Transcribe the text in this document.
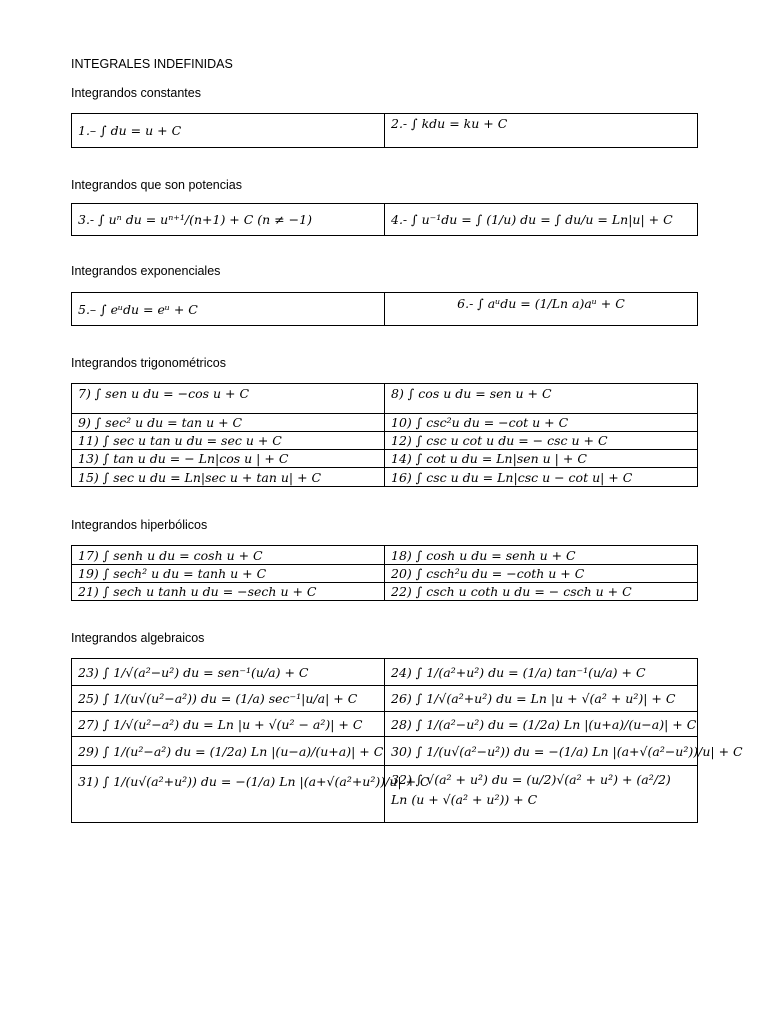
INTEGRALES INDEFINIDAS
Integrandos constantes
1.– ∫ du = u + C	2.- ∫ kdu = ku + C
Integrandos que son potencias
3.- ∫ uⁿ du = uⁿ⁺¹/(n+1) + C (n ≠ −1)	4.- ∫ u⁻¹du = ∫ (1/u) du = ∫ du/u = Ln|u| + C
Integrandos exponenciales
5.– ∫ eᵘdu = eᵘ + C	6.- ∫ aᵘdu = (1/Ln a)aᵘ + C
Integrandos trigonométricos
7) ∫ sen u du = −cos u + C	8) ∫ cos u du = sen u + C
9) ∫ sec² u du = tan u + C	10) ∫ csc²u du = −cot u + C
11) ∫ sec u tan u du = sec u + C	12) ∫ csc u cot u du = − csc u + C
13) ∫ tan u du = − Ln|cos u | + C	14) ∫ cot u du = Ln|sen u | + C
15) ∫ sec u du = Ln|sec u + tan u| + C	16) ∫ csc u du = Ln|csc u − cot u| + C
Integrandos hiperbólicos
17) ∫ senh u du = cosh u + C	18) ∫ cosh u du = senh u + C
19) ∫ sech² u du = tanh u + C	20) ∫ csch²u du = −coth u + C
21) ∫ sech u tanh u du = −sech u + C	22) ∫ csch u coth u du = − csch u + C
Integrandos algebraicos
23) ∫ 1/√(a²−u²) du = sen⁻¹(u/a) + C	24) ∫ 1/(a²+u²) du = (1/a) tan⁻¹(u/a) + C
25) ∫ 1/(u√(u²−a²)) du = (1/a) sec⁻¹|u/a| + C	26) ∫ 1/√(a²+u²) du = Ln |u + √(a² + u²)| + C
27) ∫ 1/√(u²−a²) du = Ln |u + √(u² − a²)| + C	28) ∫ 1/(a²−u²) du = (1/2a) Ln |(u+a)/(u−a)| + C
29) ∫ 1/(u²−a²) du = (1/2a) Ln |(u−a)/(u+a)| + C	30) ∫ 1/(u√(a²−u²)) du = −(1/a) Ln |(a+√(a²−u²))/u| + C
31) ∫ 1/(u√(a²+u²)) du = −(1/a) Ln |(a+√(a²+u²))/u| + C	32) ∫ √(a² + u²) du = (u/2)√(a² + u²) + (a²/2) Ln (u + √(a² + u²)) + C
